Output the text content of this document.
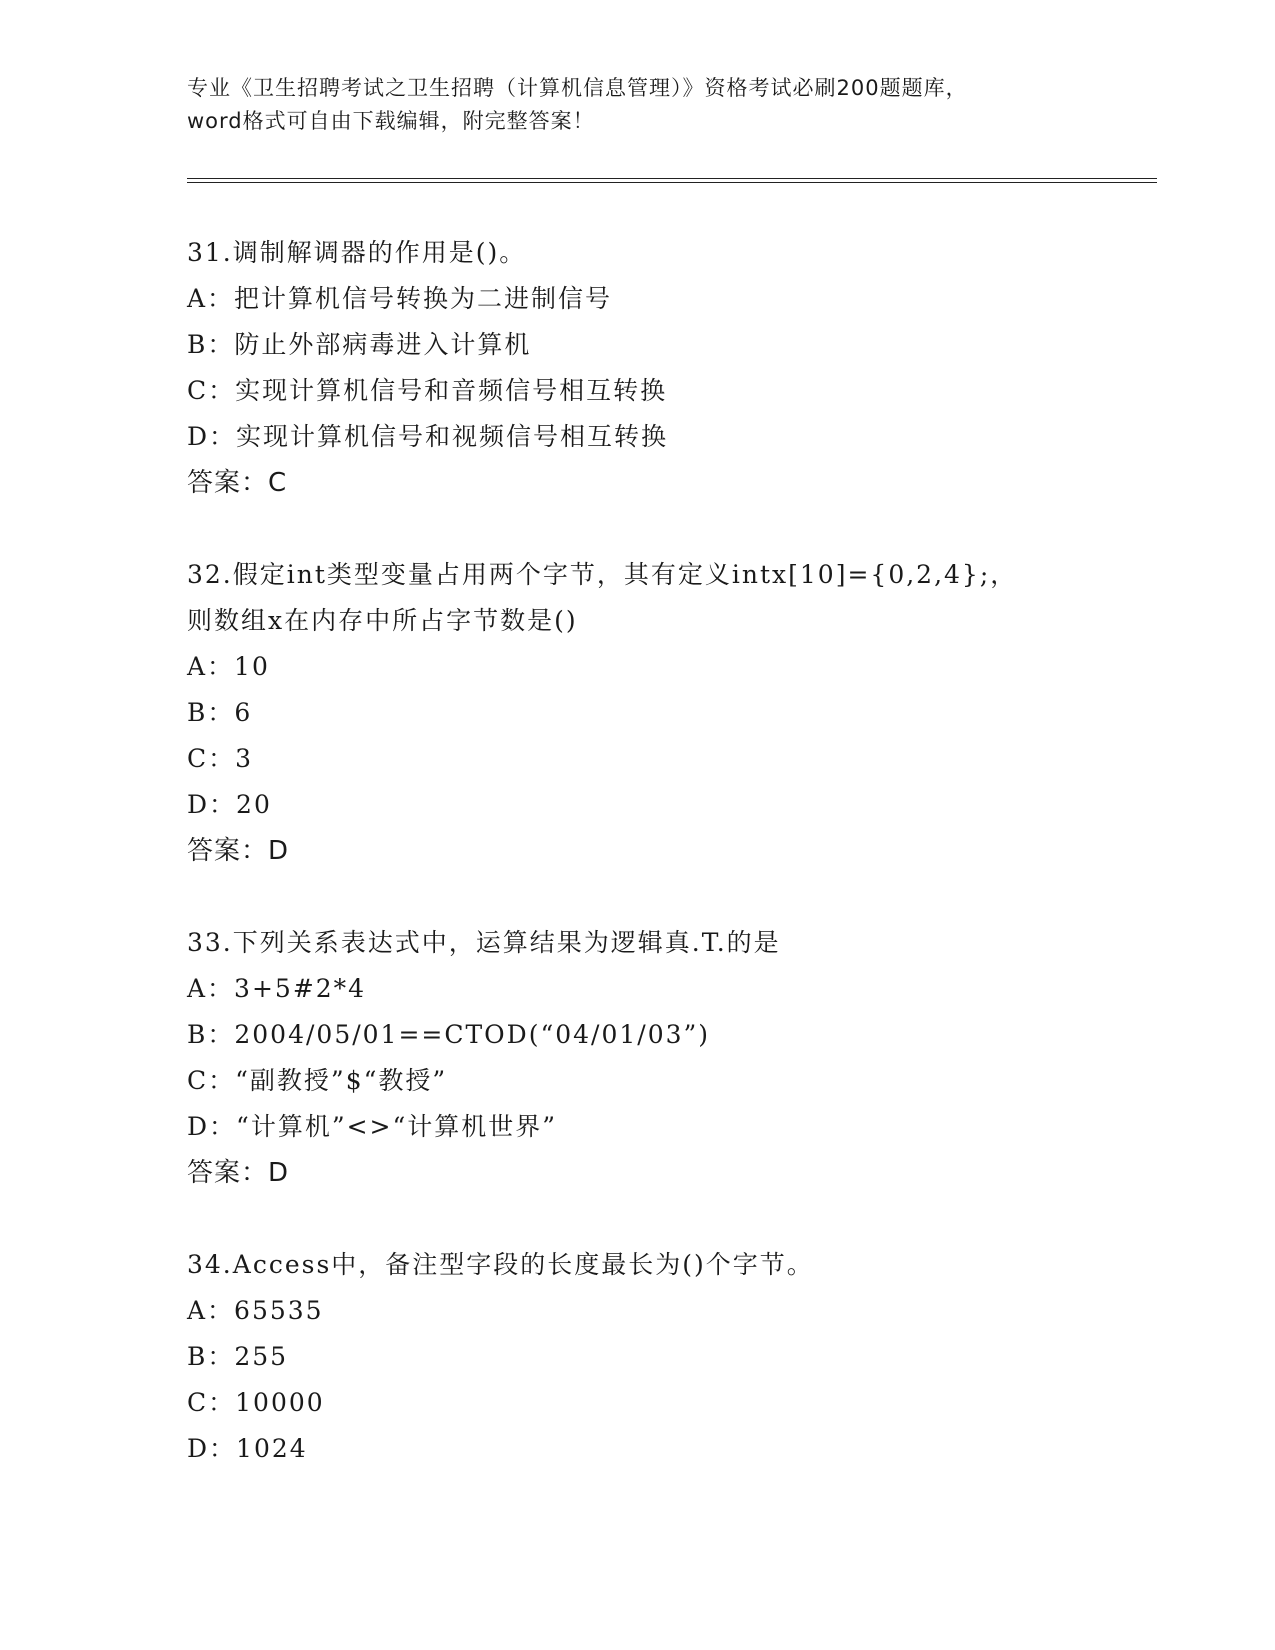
专业《卫生招聘考试之卫生招聘（计算机信息管理）》资格考试必刷200题题库，
word格式可自由下载编辑，附完整答案！
31.调制解调器的作用是()。
A：把计算机信号转换为二进制信号
B：防止外部病毒进入计算机
C：实现计算机信号和音频信号相互转换
D：实现计算机信号和视频信号相互转换
答案：C
32.假定int类型变量占用两个字节，其有定义intx[10]={0,2,4};，
则数组x在内存中所占字节数是()
A：10
B：6
C：3
D：20
答案：D
33.下列关系表达式中，运算结果为逻辑真.T.的是
A：3+5#2*4
B：2004/05/01==CTOD(“04/01/03”)
C：“副教授”$“教授”
D：“计算机”<>“计算机世界”
答案：D
34.Access中，备注型字段的长度最长为()个字节。
A：65535
B：255
C：10000
D：1024
